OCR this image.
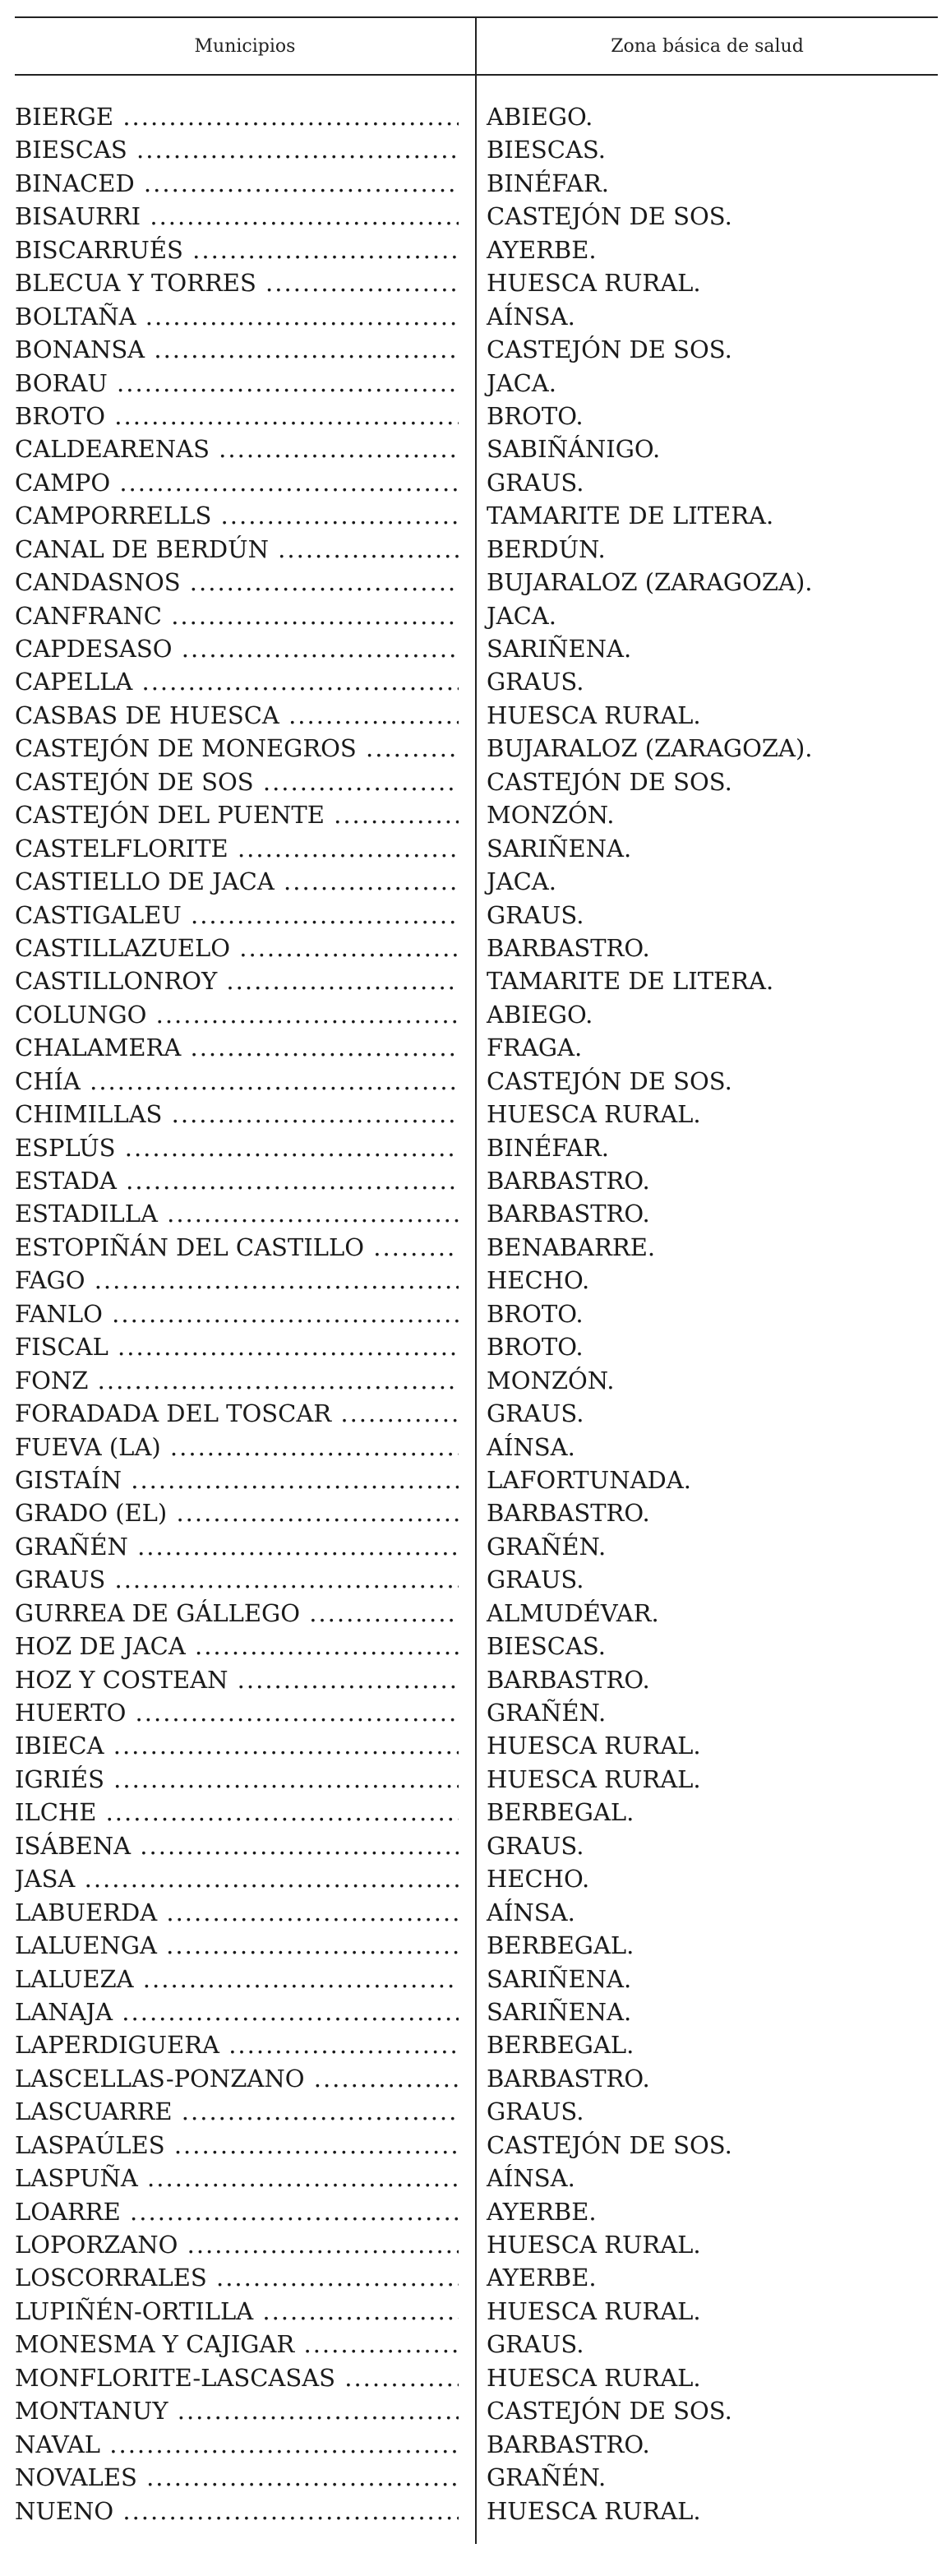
Municipios	Zona básica de salud
BIERGE .....	ABIEGO.
BIESCAS .....	BIESCAS.
BINACED .....	BINÉFAR.
BISAURRI .....	CASTEJÓN DE SOS.
BISCARRUÉS .....	AYERBE.
BLECUA Y TORRES .....	HUESCA RURAL.
BOLTAÑA .....	AÍNSA.
BONANSA .....	CASTEJÓN DE SOS.
BORAU .....	JACA.
BROTO .....	BROTO.
CALDEARENAS .....	SABIÑÁNIGO.
CAMPO .....	GRAUS.
CAMPORRELLS .....	TAMARITE DE LITERA.
CANAL DE BERDÚN .....	BERDÚN.
CANDASNOS .....	BUJARALOZ (ZARAGOZA).
CANFRANC .....	JACA.
CAPDESASO .....	SARIÑENA.
CAPELLA .....	GRAUS.
CASBAS DE HUESCA .....	HUESCA RURAL.
CASTEJÓN DE MONEGROS .....	BUJARALOZ (ZARAGOZA).
CASTEJÓN DE SOS .....	CASTEJÓN DE SOS.
CASTEJÓN DEL PUENTE .....	MONZÓN.
CASTELFLORITE .....	SARIÑENA.
CASTIELLO DE JACA .....	JACA.
CASTIGALEU .....	GRAUS.
CASTILLAZUELO .....	BARBASTRO.
CASTILLONROY .....	TAMARITE DE LITERA.
COLUNGO .....	ABIEGO.
CHALAMERA .....	FRAGA.
CHÍA .....	CASTEJÓN DE SOS.
CHIMILLAS .....	HUESCA RURAL.
ESPLÚS .....	BINÉFAR.
ESTADA .....	BARBASTRO.
ESTADILLA .....	BARBASTRO.
ESTOPIÑÁN DEL CASTILLO .....	BENABARRE.
FAGO .....	HECHO.
FANLO .....	BROTO.
FISCAL .....	BROTO.
FONZ .....	MONZÓN.
FORADADA DEL TOSCAR .....	GRAUS.
FUEVA (LA) .....	AÍNSA.
GISTAÍN .....	LAFORTUNADA.
GRADO (EL) .....	BARBASTRO.
GRAÑÉN .....	GRAÑÉN.
GRAUS .....	GRAUS.
GURREA DE GÁLLEGO .....	ALMUDÉVAR.
HOZ DE JACA .....	BIESCAS.
HOZ Y COSTEAN .....	BARBASTRO.
HUERTO .....	GRAÑÉN.
IBIECA .....	HUESCA RURAL.
IGRIÉS .....	HUESCA RURAL.
ILCHE .....	BERBEGAL.
ISÁBENA .....	GRAUS.
JASA .....	HECHO.
LABUERDA .....	AÍNSA.
LALUENGA .....	BERBEGAL.
LALUEZA .....	SARIÑENA.
LANAJA .....	SARIÑENA.
LAPERDIGUERA .....	BERBEGAL.
LASCELLAS-PONZANO .....	BARBASTRO.
LASCUARRE .....	GRAUS.
LASPAÚLES .....	CASTEJÓN DE SOS.
LASPUÑA .....	AÍNSA.
LOARRE .....	AYERBE.
LOPORZANO .....	HUESCA RURAL.
LOSCORRALES .....	AYERBE.
LUPIÑÉN-ORTILLA .....	HUESCA RURAL.
MONESMA Y CAJIGAR .....	GRAUS.
MONFLORITE-LASCASAS .....	HUESCA RURAL.
MONTANUY .....	CASTEJÓN DE SOS.
NAVAL .....	BARBASTRO.
NOVALES .....	GRAÑÉN.
NUENO .....	HUESCA RURAL.
